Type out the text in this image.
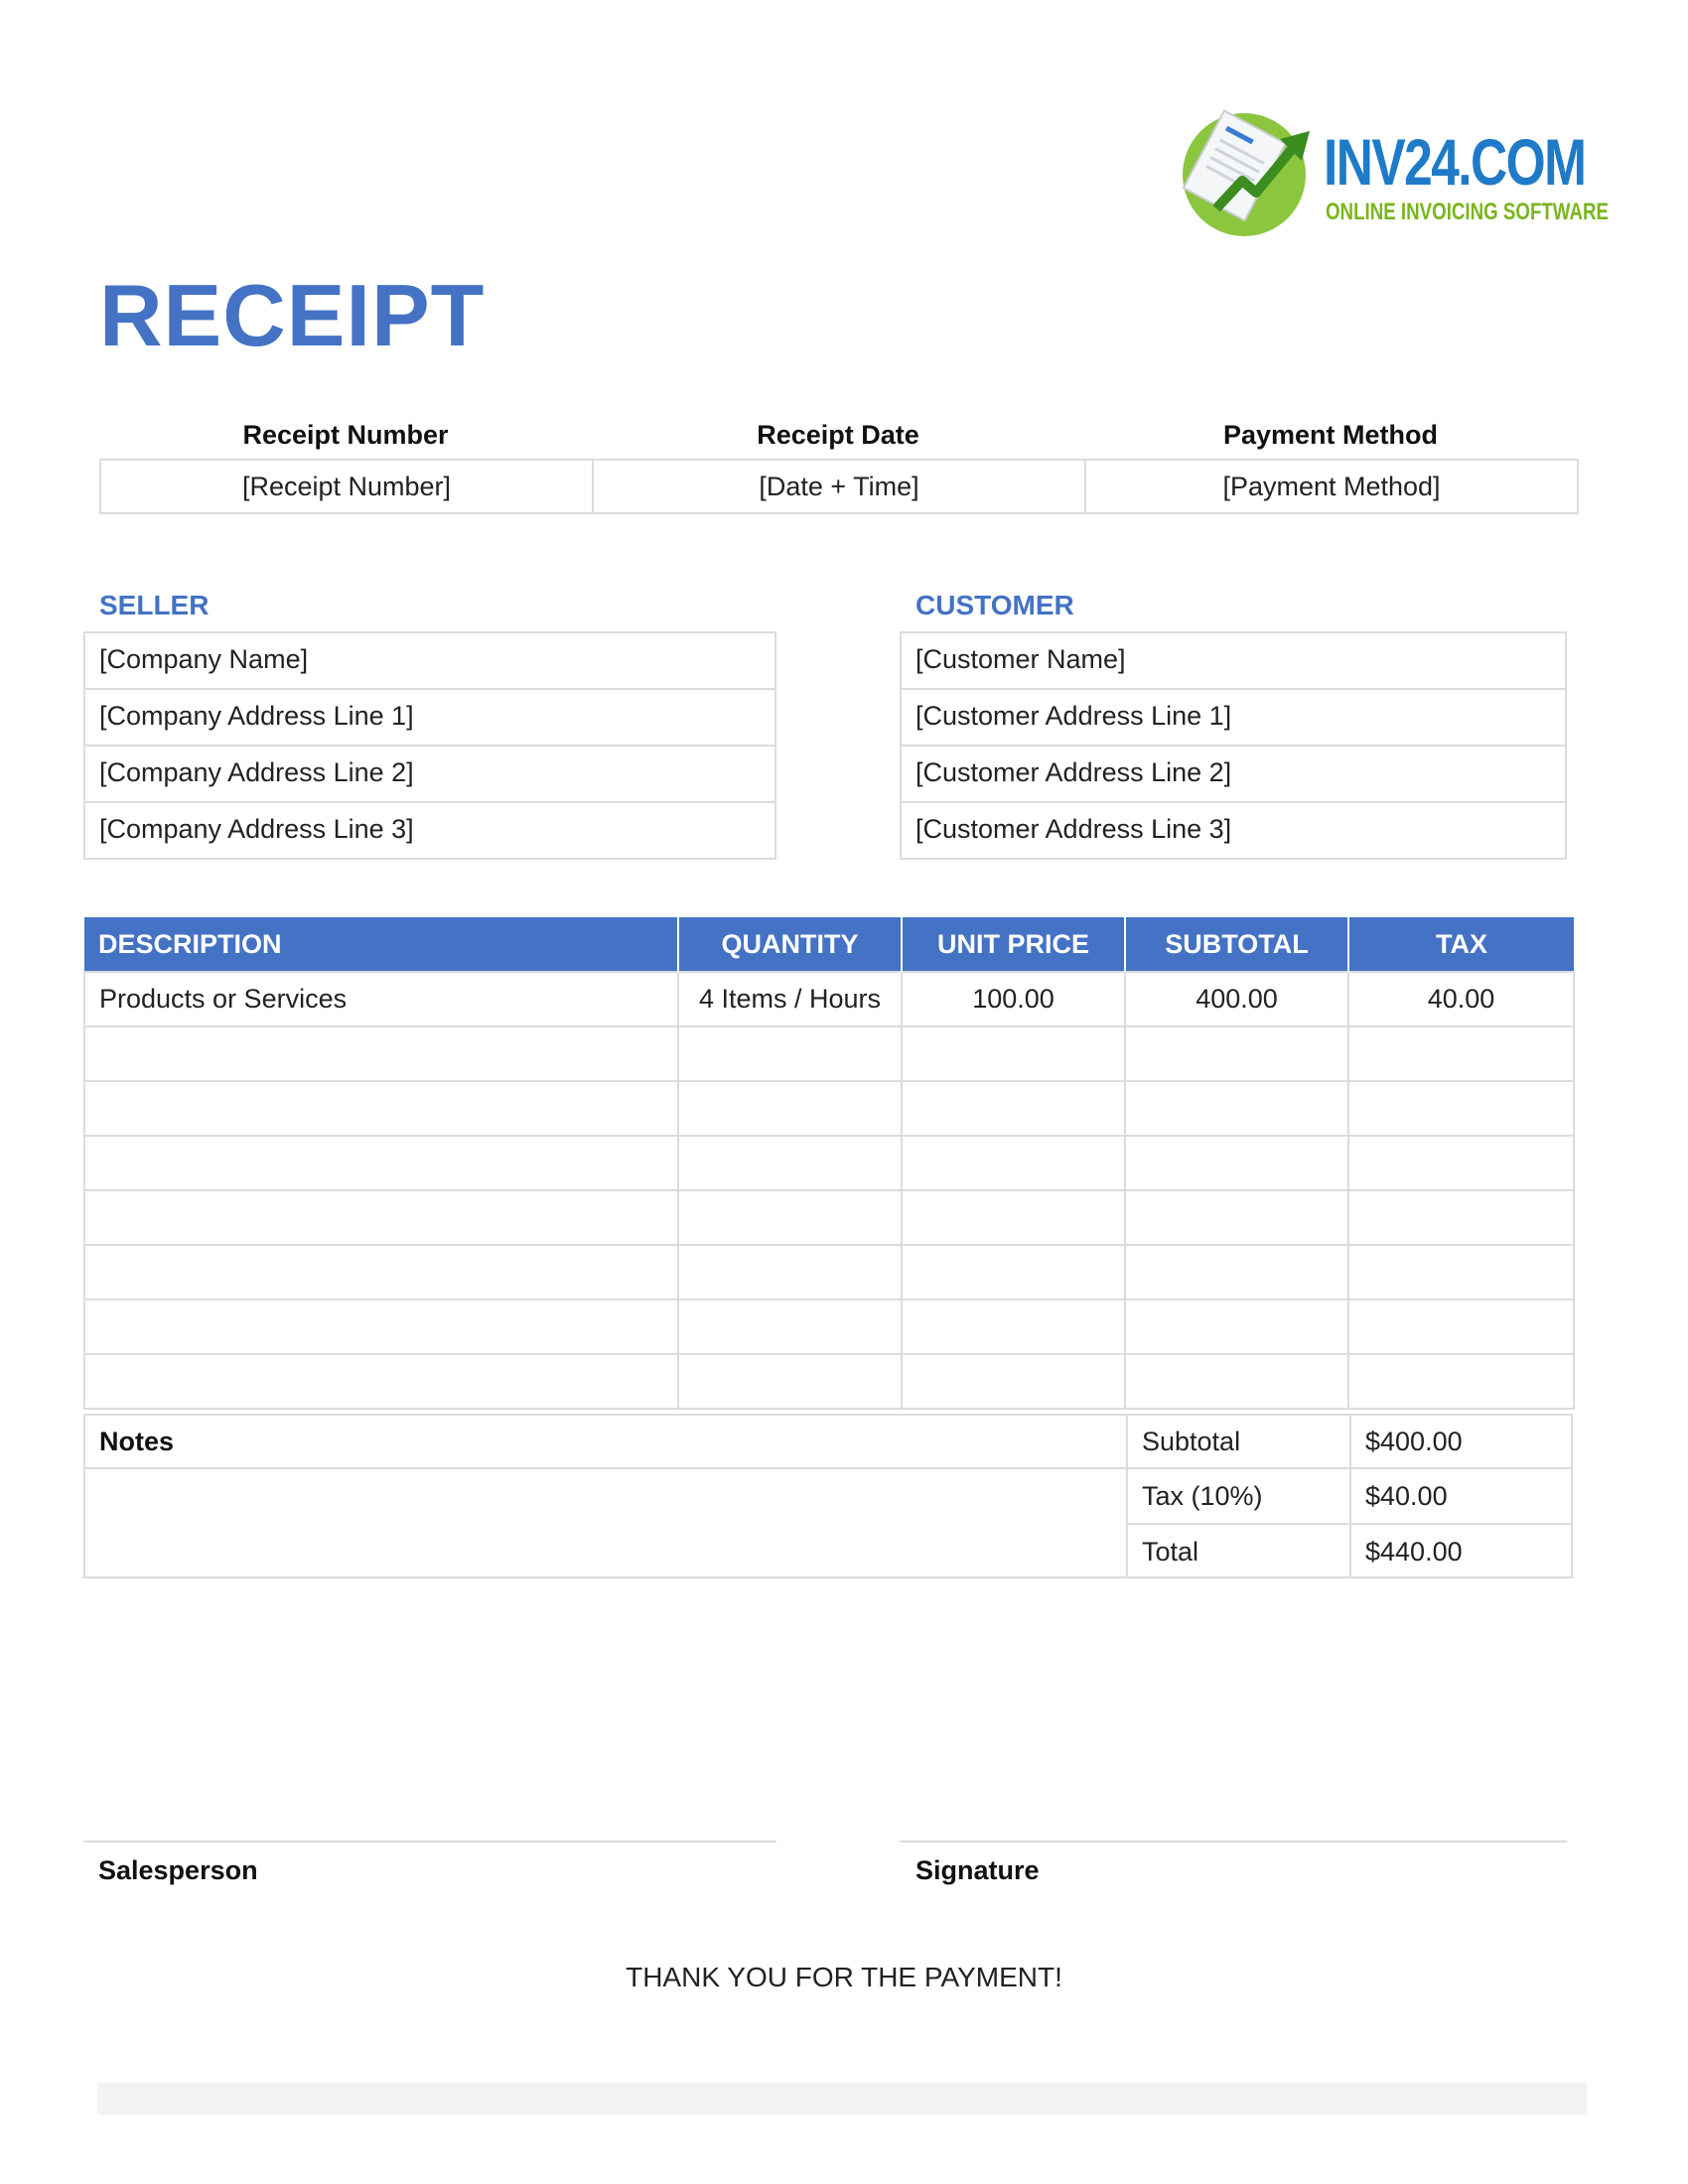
INV24.COM
ONLINE INVOICING SOFTWARE
RECEIPT
Receipt Number	Receipt Date	Payment Method
[Receipt Number]	[Date + Time]	[Payment Method]
SELLER
[Company Name]
[Company Address Line 1]
[Company Address Line 2]
[Company Address Line 3]
CUSTOMER
[Customer Name]
[Customer Address Line 1]
[Customer Address Line 2]
[Customer Address Line 3]
DESCRIPTION	QUANTITY	UNIT PRICE	SUBTOTAL	TAX
Products or Services	4 Items / Hours	100.00	400.00	40.00

Notes	Subtotal	$400.00
Tax (10%)	$40.00
Total	$440.00
Salesperson	Signature
THANK YOU FOR THE PAYMENT!
